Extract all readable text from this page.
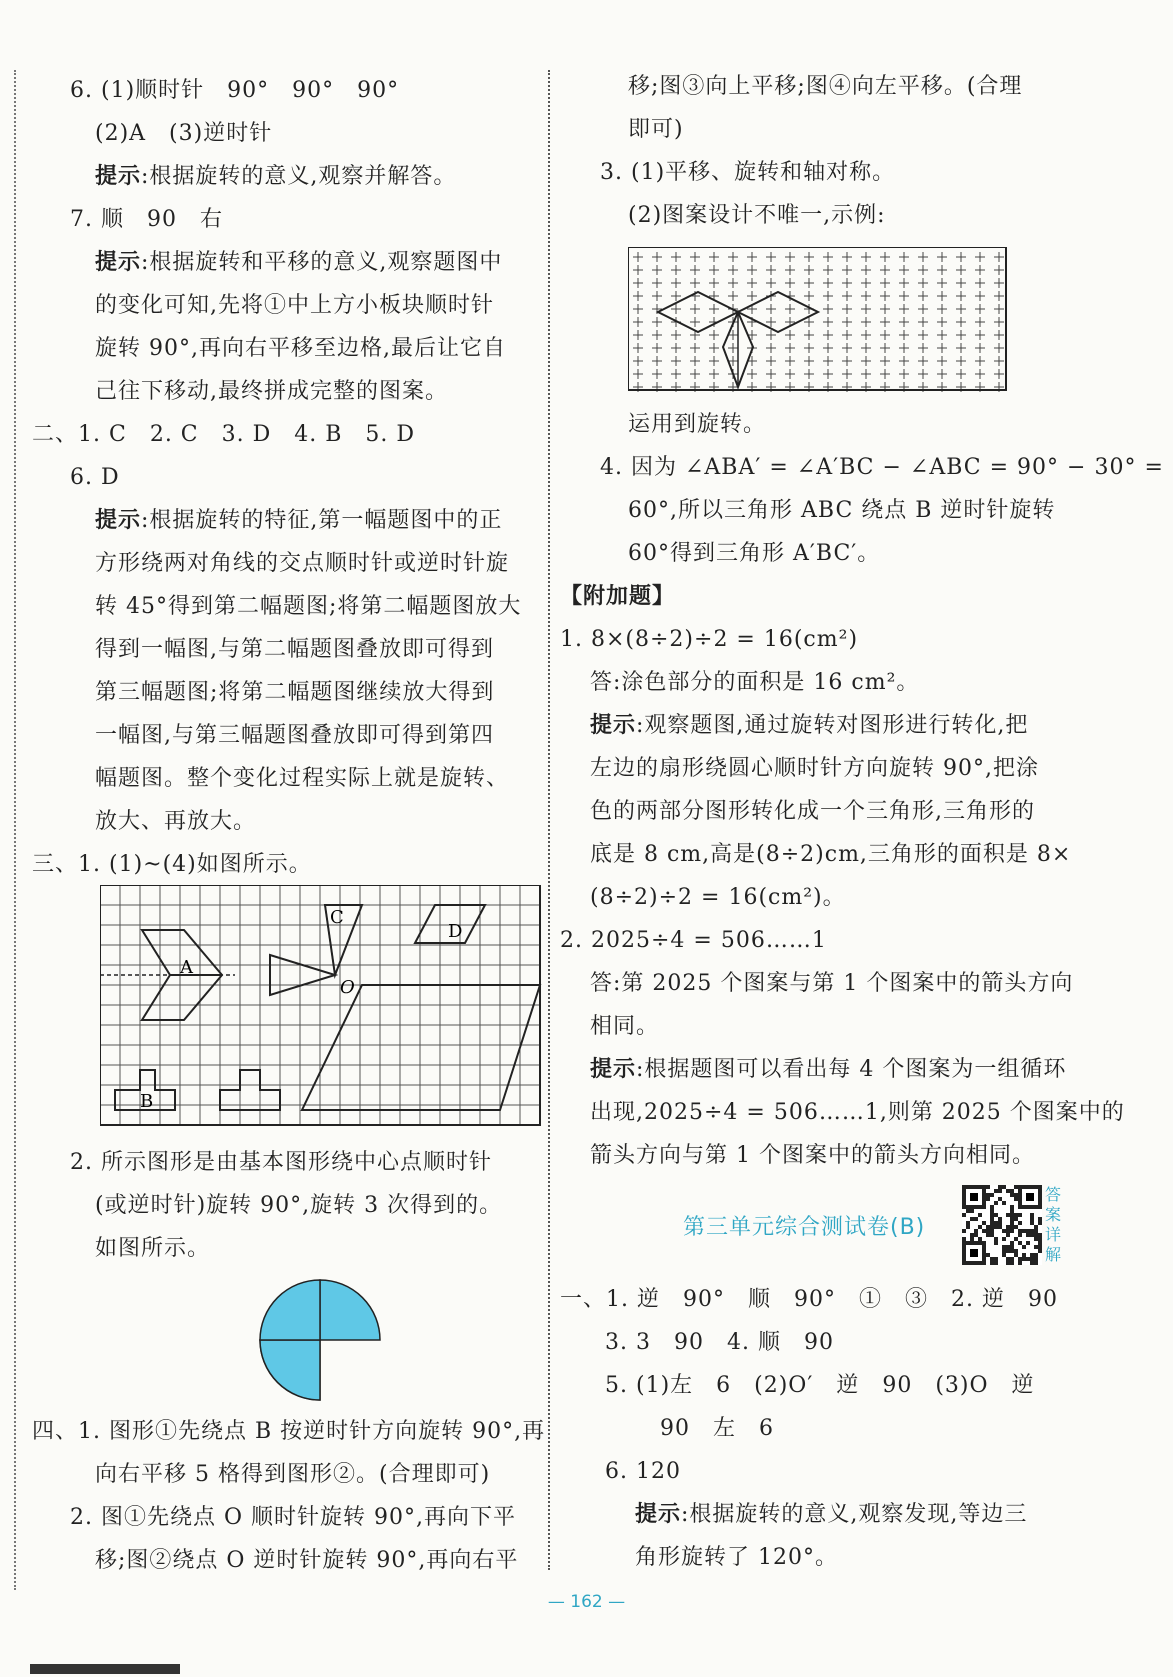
6. (1)顺时针　90°　90°　90°
(2)A　(3)逆时针
提示:根据旋转的意义,观察并解答。
7. 顺　90　右
提示:根据旋转和平移的意义,观察题图中
的变化可知,先将①中上方小板块顺时针
旋转 90°,再向右平移至边格,最后让它自
己往下移动,最终拼成完整的图案。
二、1. C　2. C　3. D　4. B　5. D
6. D
提示:根据旋转的特征,第一幅题图中的正
方形绕两对角线的交点顺时针或逆时针旋
转 45°得到第二幅题图;将第二幅题图放大
得到一幅图,与第二幅题图叠放即可得到
第三幅题图;将第二幅题图继续放大得到
一幅图,与第三幅题图叠放即可得到第四
幅题图。整个变化过程实际上就是旋转、
放大、再放大。
三、1. (1)~(4)如图所示。
A
C
D
O
B
2. 所示图形是由基本图形绕中心点顺时针
(或逆时针)旋转 90°,旋转 3 次得到的。
如图所示。
四、1. 图形①先绕点 B 按逆时针方向旋转 90°,再
向右平移 5 格得到图形②。(合理即可)
2. 图①先绕点 O 顺时针旋转 90°,再向下平
移;图②绕点 O 逆时针旋转 90°,再向右平
移;图③向上平移;图④向左平移。(合理
即可)
3. (1)平移、旋转和轴对称。
(2)图案设计不唯一,示例:
运用到旋转。
4. 因为 ∠ABA′ = ∠A′BC − ∠ABC = 90° − 30° =
60°,所以三角形 ABC 绕点 B 逆时针旋转
60°得到三角形 A′BC′。
【附加题】
1. 8×(8÷2)÷2 = 16(cm²)
答:涂色部分的面积是 16 cm²。
提示:观察题图,通过旋转对图形进行转化,把
左边的扇形绕圆心顺时针方向旋转 90°,把涂
色的两部分图形转化成一个三角形,三角形的
底是 8 cm,高是(8÷2)cm,三角形的面积是 8×
(8÷2)÷2 = 16(cm²)。
2. 2025÷4 = 506……1
答:第 2025 个图案与第 1 个图案中的箭头方向
相同。
提示:根据题图可以看出每 4 个图案为一组循环
出现,2025÷4 = 506……1,则第 2025 个图案中的
箭头方向与第 1 个图案中的箭头方向相同。
第三单元综合测试卷(B)
答案详解
一、1. 逆　90°　顺　90°　①　③　2. 逆　90
3. 3　90　4. 顺　90
5. (1)左　6　(2)O′　逆　90　(3)O　逆
90　左　6
6. 120
提示:根据旋转的意义,观察发现,等边三
角形旋转了 120°。
— 162 —
